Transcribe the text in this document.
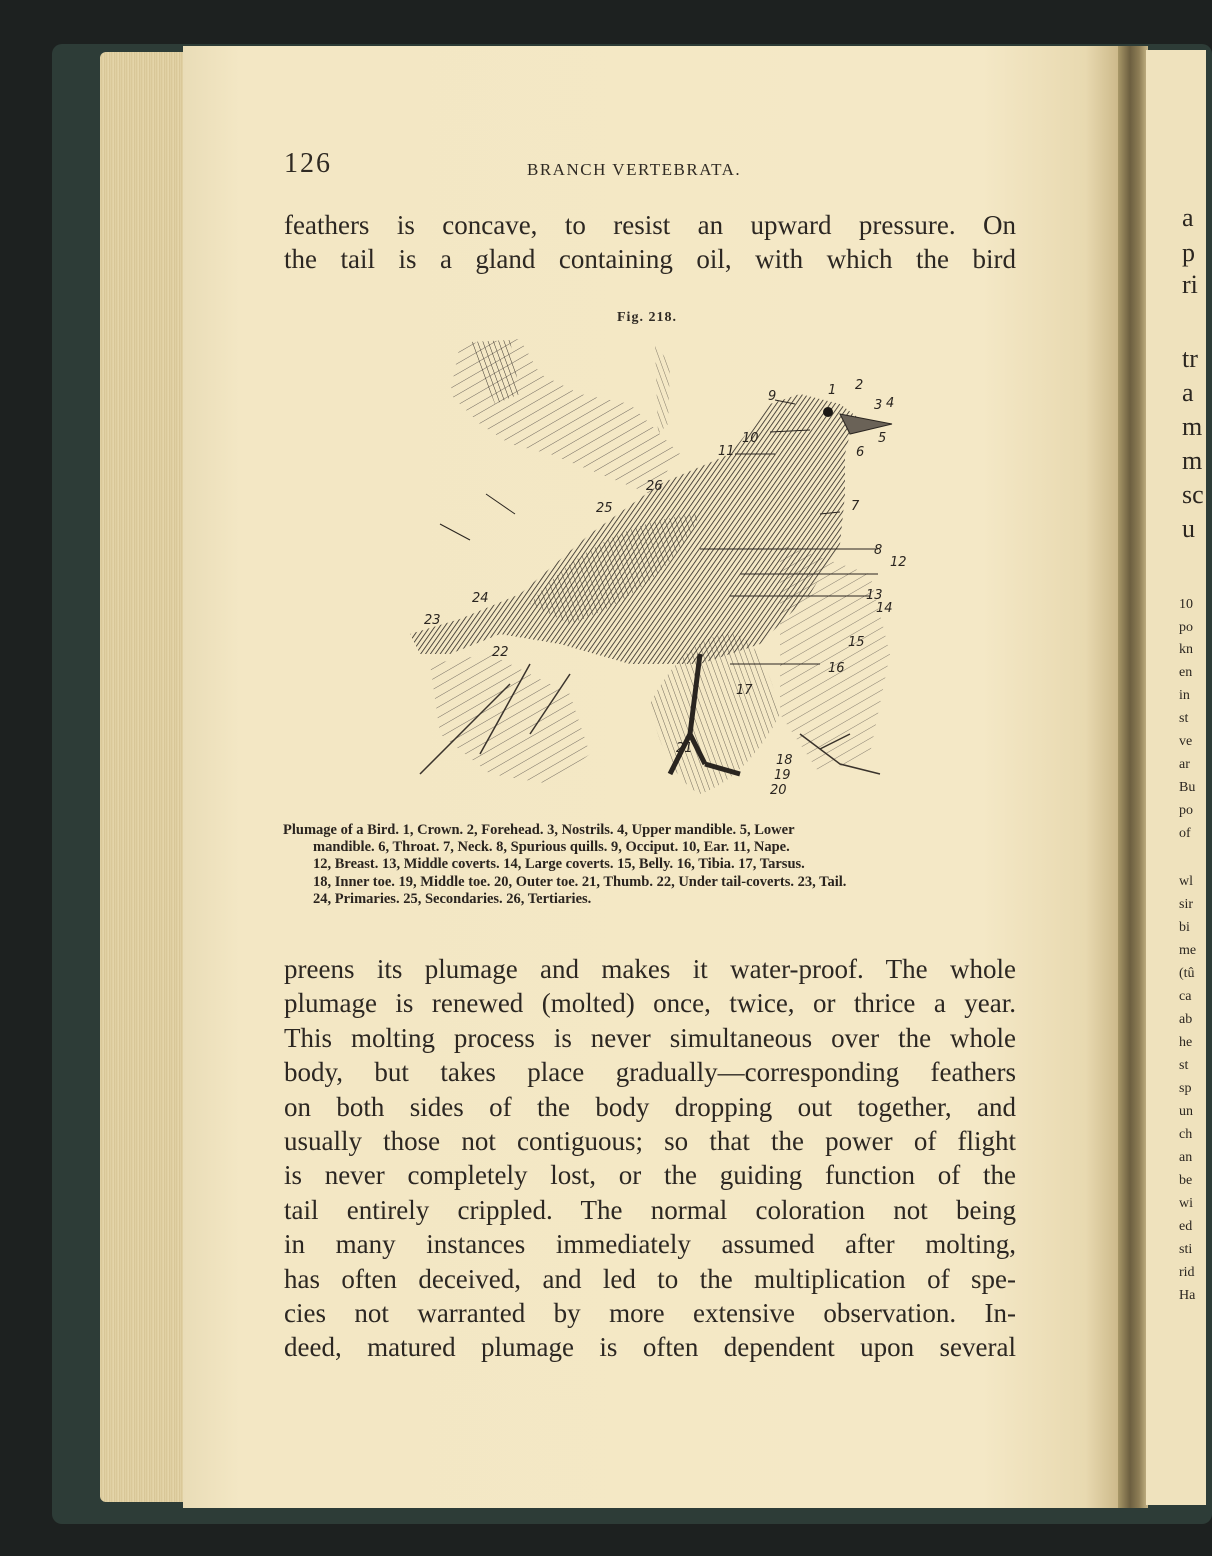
a
p
ri
tr
a
m
m
sc
u
10
po
kn
en
in
st
ve
ar
Bu
po
of
wl
sir
bi
me
(tû
ca
ab
he
st
sp
un
ch
an
be
wi
ed
sti
rid
Ha
126	BRANCH VERTEBRATA.
feathers is concave, to resist an upward pressure. On
the tail is a gland containing oil, with which the bird
Fig. 218.
1 2
3 4
5
6
7
8
9
10
11
12
13
14
15
16
17
18
19
20
21
22
23
24
25
26
Plumage of a Bird. 1, Crown. 2, Forehead. 3, Nostrils. 4, Upper mandible. 5, Lower
mandible. 6, Throat. 7, Neck. 8, Spurious quills. 9, Occiput. 10, Ear. 11, Nape.
12, Breast. 13, Middle coverts. 14, Large coverts. 15, Belly. 16, Tibia. 17, Tarsus.
18, Inner toe. 19, Middle toe. 20, Outer toe. 21, Thumb. 22, Under tail-coverts. 23, Tail.
24, Primaries. 25, Secondaries. 26, Tertiaries.
preens its plumage and makes it water-proof. The whole
plumage is renewed (molted) once, twice, or thrice a year.
This molting process is never simultaneous over the whole
body, but takes place gradually—corresponding feathers
on both sides of the body dropping out together, and
usually those not contiguous; so that the power of flight
is never completely lost, or the guiding function of the
tail entirely crippled. The normal coloration not being
in many instances immediately assumed after molting,
has often deceived, and led to the multiplication of spe-
cies not warranted by more extensive observation. In-
deed, matured plumage is often dependent upon several
